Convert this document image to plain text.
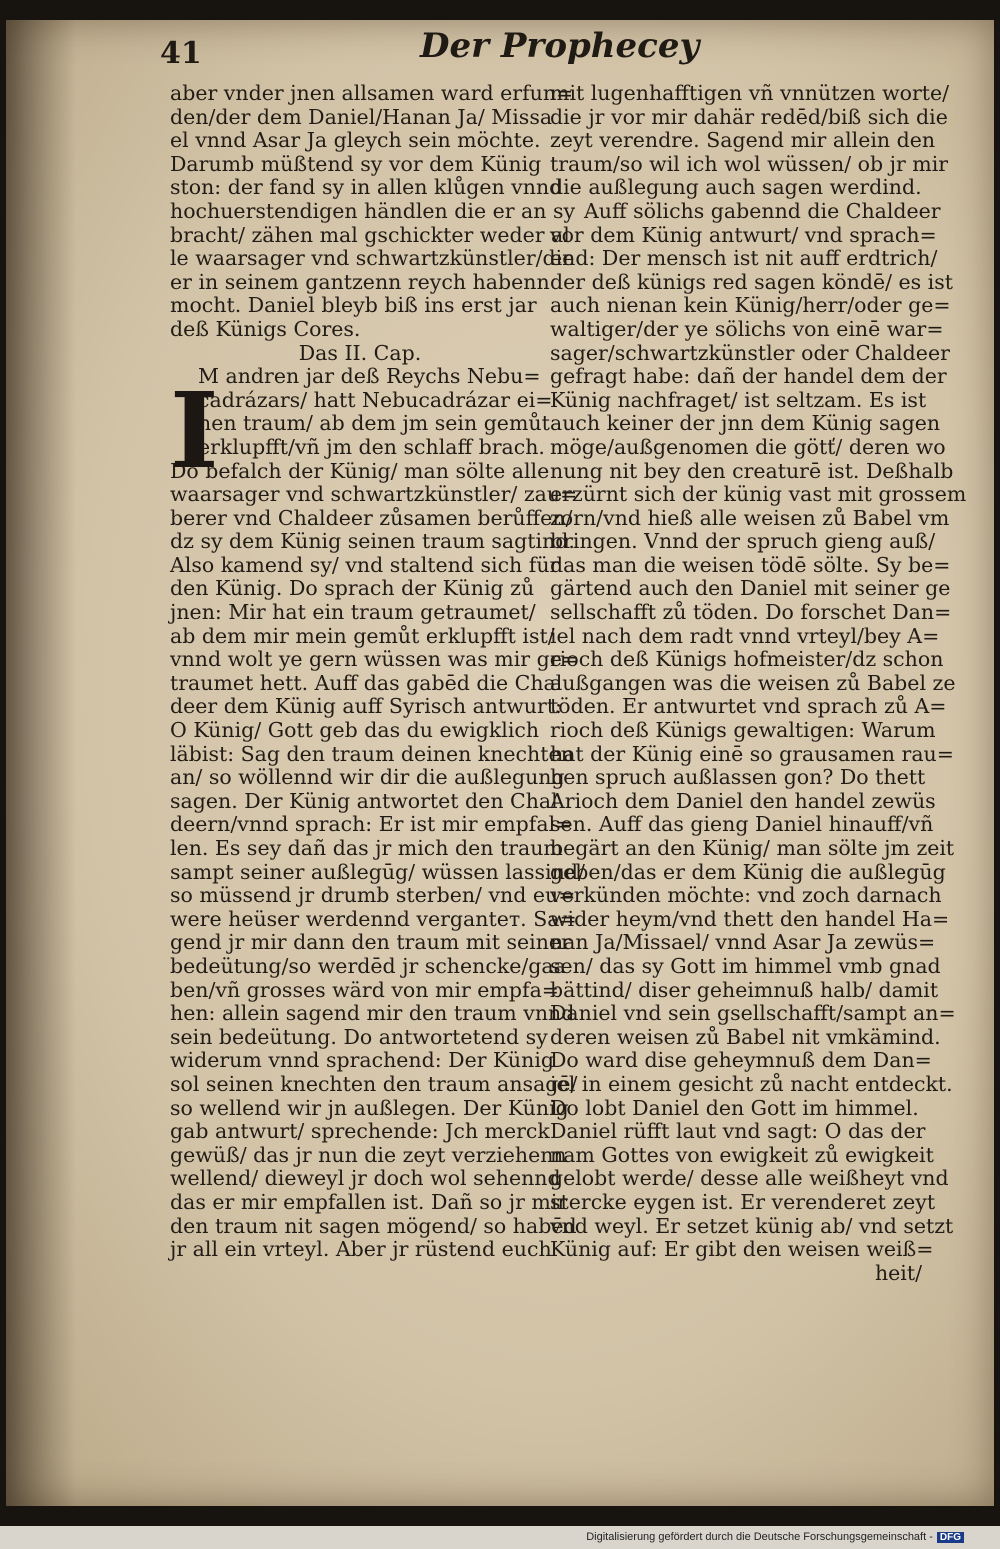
41	Der Prophecey
aber vnder jnen allsamen ward erfun=
den/der dem Daniel/Hanan Ja/ Missa
el vnnd Asar Ja gleych sein möchte.
Darumb müßtend sy vor dem Künig
ston: der fand sy in allen klůgen vnnd
hochuerstendigen händlen die er an sy
bracht/ zähen mal gschickter weder al
le waarsager vnd schwartzkünstler/die
er in seinem gantzenn reych habenn
mocht. Daniel bleyb biß ins erst jar
deß Künigs Cores.
Das II. Cap.
M andren jar deß Reychs Nebu=
cadrázars/ hatt Nebucadrázar ei=
nen traum/ ab dem jm sein gemůt
erklupfft/vñ jm den schlaff brach.
Do befalch der Künig/ man sölte alle
waarsager vnd schwartzkünstler/ zau=
berer vnd Chaldeer zůsamen berůffen/
dz sy dem Künig seinen traum sagtind.
Also kamend sy/ vnd staltend sich für
den Künig. Do sprach der Künig zů
jnen: Mir hat ein traum getraumet/
ab dem mir mein gemůt erklupfft ist/
vnnd wolt ye gern wüssen was mir ge=
traumet hett. Auff das gabēd die Chal
deer dem Künig auff Syrisch antwurt:
O Künig/ Gott geb das du ewigklich
läbist: Sag den traum deinen knechten
an/ so wöllennd wir dir die außlegung
sagen. Der Künig antwortet den Chal
deern/vnnd sprach: Er ist mir empfal=
len. Es sey dañ das jr mich den traum
sampt seiner außlegūg/ wüssen lassind/
so müssend jr drumb sterben/ vnd eu=
were heüser werdennd verganteт. Sa=
gend jr mir dann den traum mit seiner
bedeütung/so werdēd jr schencke/gaa
ben/vñ grosses wärd von mir empfa=
hen: allein sagend mir den traum vnnd
sein bedeütung. Do antwortetend sy
widerum vnnd sprachend: Der Künig
sol seinen knechten den traum ansagē/
so wellend wir jn außlegen. Der Künig
gab antwurt/ sprechende: Jch merck
gewüß/ das jr nun die zeyt verziehenn
wellend/ dieweyl jr doch wol sehennd
das er mir empfallen ist. Dañ so jr mir
den traum nit sagen mögend/ so habēd
jr all ein vrteyl. Aber jr rüstend euch
I
mit lugenhafftigen vñ vnnützen worte/
die jr vor mir dahär redēd/biß sich die
zeyt verendre. Sagend mir allein den
traum/so wil ich wol wüssen/ ob jr mir
die außlegung auch sagen werdind.
Auff sölichs gabennd die Chaldeer
vor dem Künig antwurt/ vnd sprach=
end: Der mensch ist nit auff erdtrich/
der deß künigs red sagen köndē/ es ist
auch nienan kein Künig/herr/oder ge=
waltiger/der ye sölichs von einē war=
sager/schwartzkünstler oder Chaldeer
gefragt habe: dañ der handel dem der
Künig nachfraget/ ist seltzam. Es ist
auch keiner der jnn dem Künig sagen
möge/außgenomen die götť/ deren wo
nung nit bey den creaturē ist. Deßhalb
erzürnt sich der künig vast mit grossem
zorn/vnd hieß alle weisen zů Babel vm
bringen. Vnnd der spruch gieng auß/
das man die weisen tödē sölte. Sy be=
gärtend auch den Daniel mit seiner ge
sellschafft zů töden. Do forschet Dan=
iel nach dem radt vnnd vrteyl/bey A=
rioch deß Künigs hofmeister/dz schon
außgangen was die weisen zů Babel ze
töden. Er antwurtet vnd sprach zů A=
rioch deß Künigs gewaltigen: Warum
hat der Künig einē so grausamen rau=
hen spruch außlassen gon? Do thett
Arioch dem Daniel den handel zewüs
sen. Auff das gieng Daniel hinauff/vñ
begärt an den Künig/ man sölte jm zeit
geben/das er dem Künig die außlegūg
verkünden möchte: vnd zoch darnach
wider heym/vnd thett den handel Ha=
nan Ja/Missael/ vnnd Asar Ja zewüs=
sen/ das sy Gott im himmel vmb gnad
bättind/ diser geheimnuß halb/ damit
Daniel vnd sein gsellschafft/sampt an=
deren weisen zů Babel nit vmkämind.
Do ward dise geheymnuß dem Dan=
iel in einem gesicht zů nacht entdeckt.
Do lobt Daniel den Gott im himmel.
Daniel rüfft laut vnd sagt: O das der
nam Gottes von ewigkeit zů ewigkeit
gelobt werde/ desse alle weißheyt vnd
stercke eygen ist. Er verenderet zeyt
vnd weyl. Er setzet künig ab/ vnd setzt
Künig auf: Er gibt den weisen weiß=
heit/
Digitalisierung gefördert durch die Deutsche Forschungsgemeinschaft - DFG
